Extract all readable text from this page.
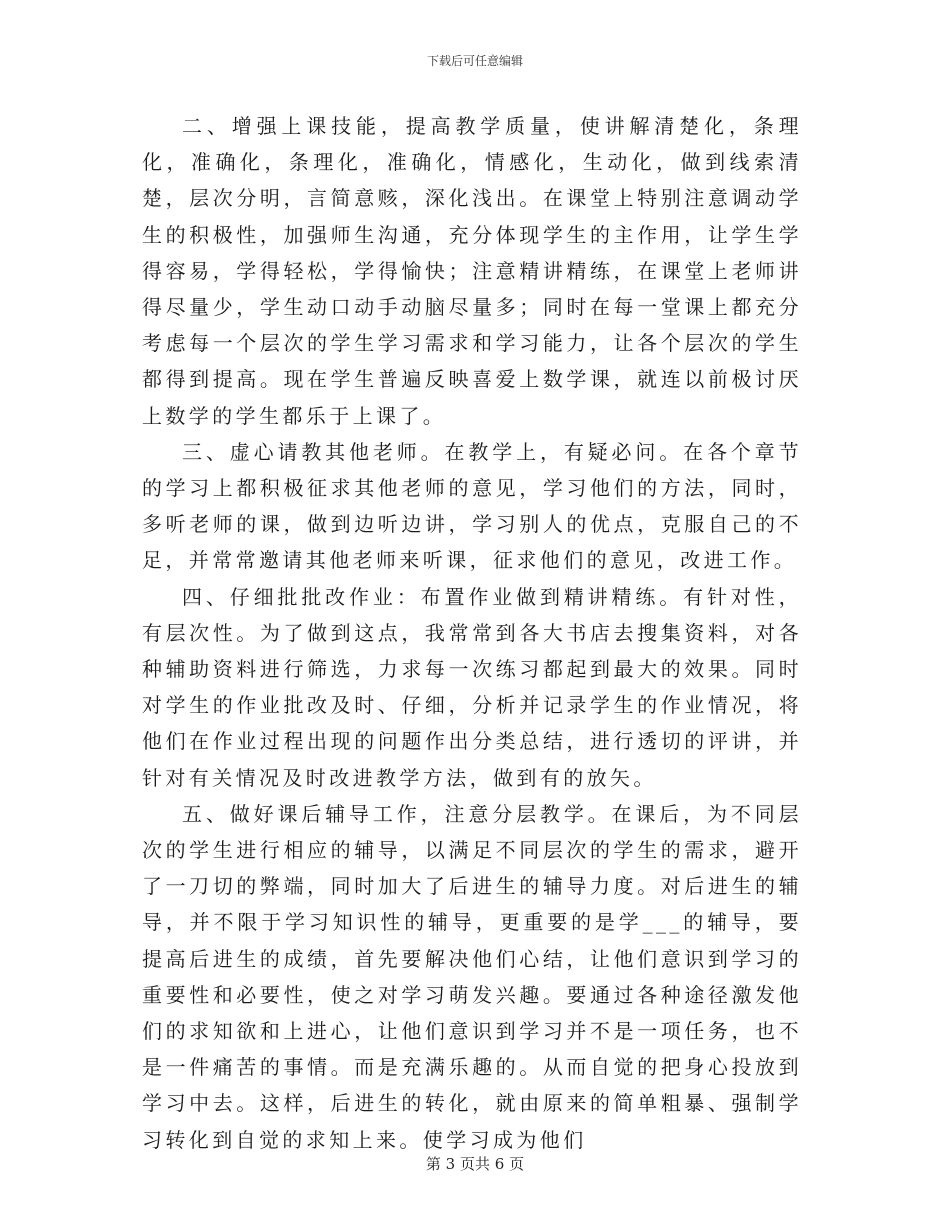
下载后可任意编辑

二、增强上课技能，提高教学质量，使讲解清楚化，条理化，准确化，条理化，准确化，情感化，生动化，做到线索清楚，层次分明，言简意赅，深化浅出。在课堂上特别注意调动学生的积极性，加强师生沟通，充分体现学生的主作用，让学生学得容易，学得轻松，学得愉快；注意精讲精练，在课堂上老师讲得尽量少，学生动口动手动脑尽量多；同时在每一堂课上都充分考虑每一个层次的学生学习需求和学习能力，让各个层次的学生都得到提高。现在学生普遍反映喜爱上数学课，就连以前极讨厌上数学的学生都乐于上课了。

三、虚心请教其他老师。在教学上，有疑必问。在各个章节的学习上都积极征求其他老师的意见，学习他们的方法，同时，多听老师的课，做到边听边讲，学习别人的优点，克服自己的不足，并常常邀请其他老师来听课，征求他们的意见，改进工作。

四、仔细批批改作业：布置作业做到精讲精练。有针对性，有层次性。为了做到这点，我常常到各大书店去搜集资料，对各种辅助资料进行筛选，力求每一次练习都起到最大的效果。同时对学生的作业批改及时、仔细，分析并记录学生的作业情况，将他们在作业过程出现的问题作出分类总结，进行透切的评讲，并针对有关情况及时改进教学方法，做到有的放矢。

五、做好课后辅导工作，注意分层教学。在课后，为不同层次的学生进行相应的辅导，以满足不同层次的学生的需求，避开了一刀切的弊端，同时加大了后进生的辅导力度。对后进生的辅导，并不限于学习知识性的辅导，更重要的是学___的辅导，要提高后进生的成绩，首先要解决他们心结，让他们意识到学习的重要性和必要性，使之对学习萌发兴趣。要通过各种途径激发他们的求知欲和上进心，让他们意识到学习并不是一项任务，也不是一件痛苦的事情。而是充满乐趣的。从而自觉的把身心投放到学习中去。这样，后进生的转化，就由原来的简单粗暴、强制学习转化到自觉的求知上来。使学习成为他们

第 3 页共 6 页
